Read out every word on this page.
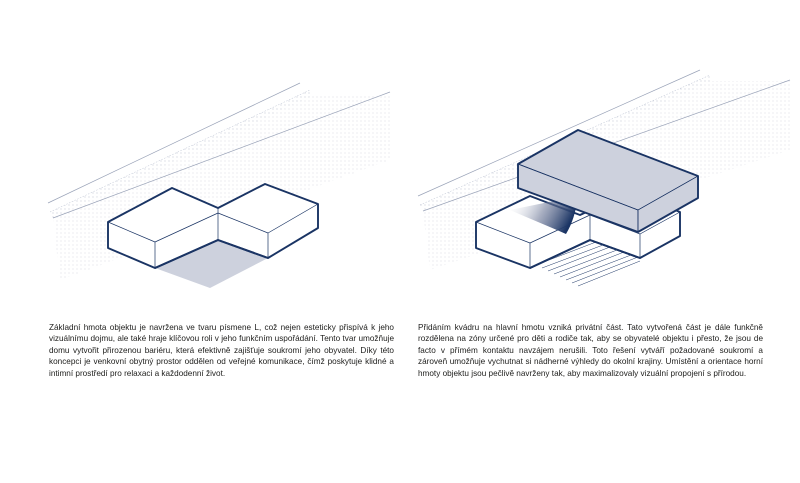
Základní hmota objektu je navržena ve tvaru písmene L, což nejen esteticky přispívá k jeho vizuálnímu dojmu, ale také hraje klíčovou roli v jeho funkčním uspořádání. Tento tvar umožňuje domu vytvořit přirozenou bariéru, která efektivně zajišťuje soukromí jeho obyvatel. Díky této koncepci je venkovní obytný prostor oddělen od veřejné komunikace, čímž poskytuje klidné a intimní prostředí pro relaxaci a každodenní život.

Přidáním kvádru na hlavní hmotu vzniká privátní část. Tato vytvořená část je dále funkčně rozdělena na zóny určené pro děti a rodiče tak, aby se obyvatelé objektu i přesto, že jsou de facto v přímém kontaktu navzájem nerušili. Toto řešení vytváří požadované soukromí a zároveň umožňuje vychutnat si nádherné výhledy do okolní krajiny. Umístění a orientace horní hmoty objektu jsou pečlivě navrženy tak, aby maximalizovaly vizuální propojení s přírodou.
